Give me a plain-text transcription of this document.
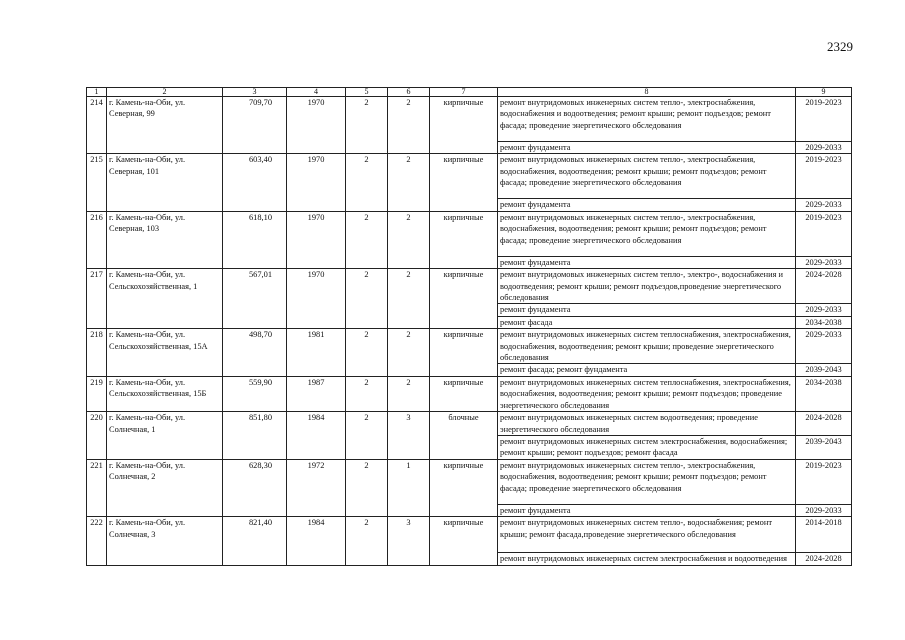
2329
1	2	3	4	5	6	7	8	9
214	г. Камень-на-Оби, ул. Северная, 99	709,70	1970	2	2	кирпичные	ремонт внутридомовых инженерных систем тепло-, электроснабжения, водоснабжения и водоотведения; ремонт крыши; ремонт подъездов; ремонт фасада; проведение энергетического обследования	2019-2023
							ремонт фундамента	2029-2033
215	г. Камень-на-Оби, ул. Северная, 101	603,40	1970	2	2	кирпичные	ремонт внутридомовых инженерных систем тепло-, электроснабжения, водоснабжения, водоотведения; ремонт крыши; ремонт подъездов; ремонт фасада; проведение энергетического обследования	2019-2023
							ремонт фундамента	2029-2033
216	г. Камень-на-Оби, ул. Северная, 103	618,10	1970	2	2	кирпичные	ремонт внутридомовых инженерных систем тепло-, электроснабжения, водоснабжения, водоотведения; ремонт крыши; ремонт подъездов; ремонт фасада; проведение энергетического обследования	2019-2023
							ремонт фундамента	2029-2033
217	г. Камень-на-Оби, ул. Сельскохозяйственная, 1	567,01	1970	2	2	кирпичные	ремонт внутридомовых инженерных систем тепло-, электро-, водоснабжения и водоотведения; ремонт крыши; ремонт подъездов,проведение энергетического обследования	2024-2028
							ремонт фундамента	2029-2033
							ремонт фасада	2034-2038
218	г. Камень-на-Оби, ул. Сельскохозяйственная, 15А	498,70	1981	2	2	кирпичные	ремонт внутридомовых инженерных систем теплоснабжения, электроснабжения, водоснабжения, водоотведения; ремонт крыши; проведение энергетического обследования	2029-2033
							ремонт фасада; ремонт фундамента	2039-2043
219	г. Камень-на-Оби, ул. Сельскохозяйственная, 15Б	559,90	1987	2	2	кирпичные	ремонт внутридомовых инженерных систем теплоснабжения, электроснабжения, водоснабжения, водоотведения; ремонт крыши; ремонт подъездов; проведение энергетического обследования	2034-2038
220	г. Камень-на-Оби, ул. Солнечная, 1	851,80	1984	2	3	блочные	ремонт внутридомовых инженерных систем водоотведения; проведение энергетического обследования	2024-2028
							ремонт внутридомовых инженерных систем электроснабжения, водоснабжения; ремонт крыши; ремонт подъездов; ремонт фасада	2039-2043
221	г. Камень-на-Оби, ул. Солнечная, 2	628,30	1972	2	1	кирпичные	ремонт внутридомовых инженерных систем тепло-, электроснабжения, водоснабжения, водоотведения; ремонт крыши; ремонт подъездов; ремонт фасада; проведение энергетического обследования	2019-2023
							ремонт фундамента	2029-2033
222	г. Камень-на-Оби, ул. Солнечная, 3	821,40	1984	2	3	кирпичные	ремонт внутридомовых инженерных систем тепло-, водоснабжения; ремонт крыши; ремонт фасада,проведение энергетического обследования	2014-2018
							ремонт внутридомовых инженерных систем электроснабжения и водоотведения	2024-2028
